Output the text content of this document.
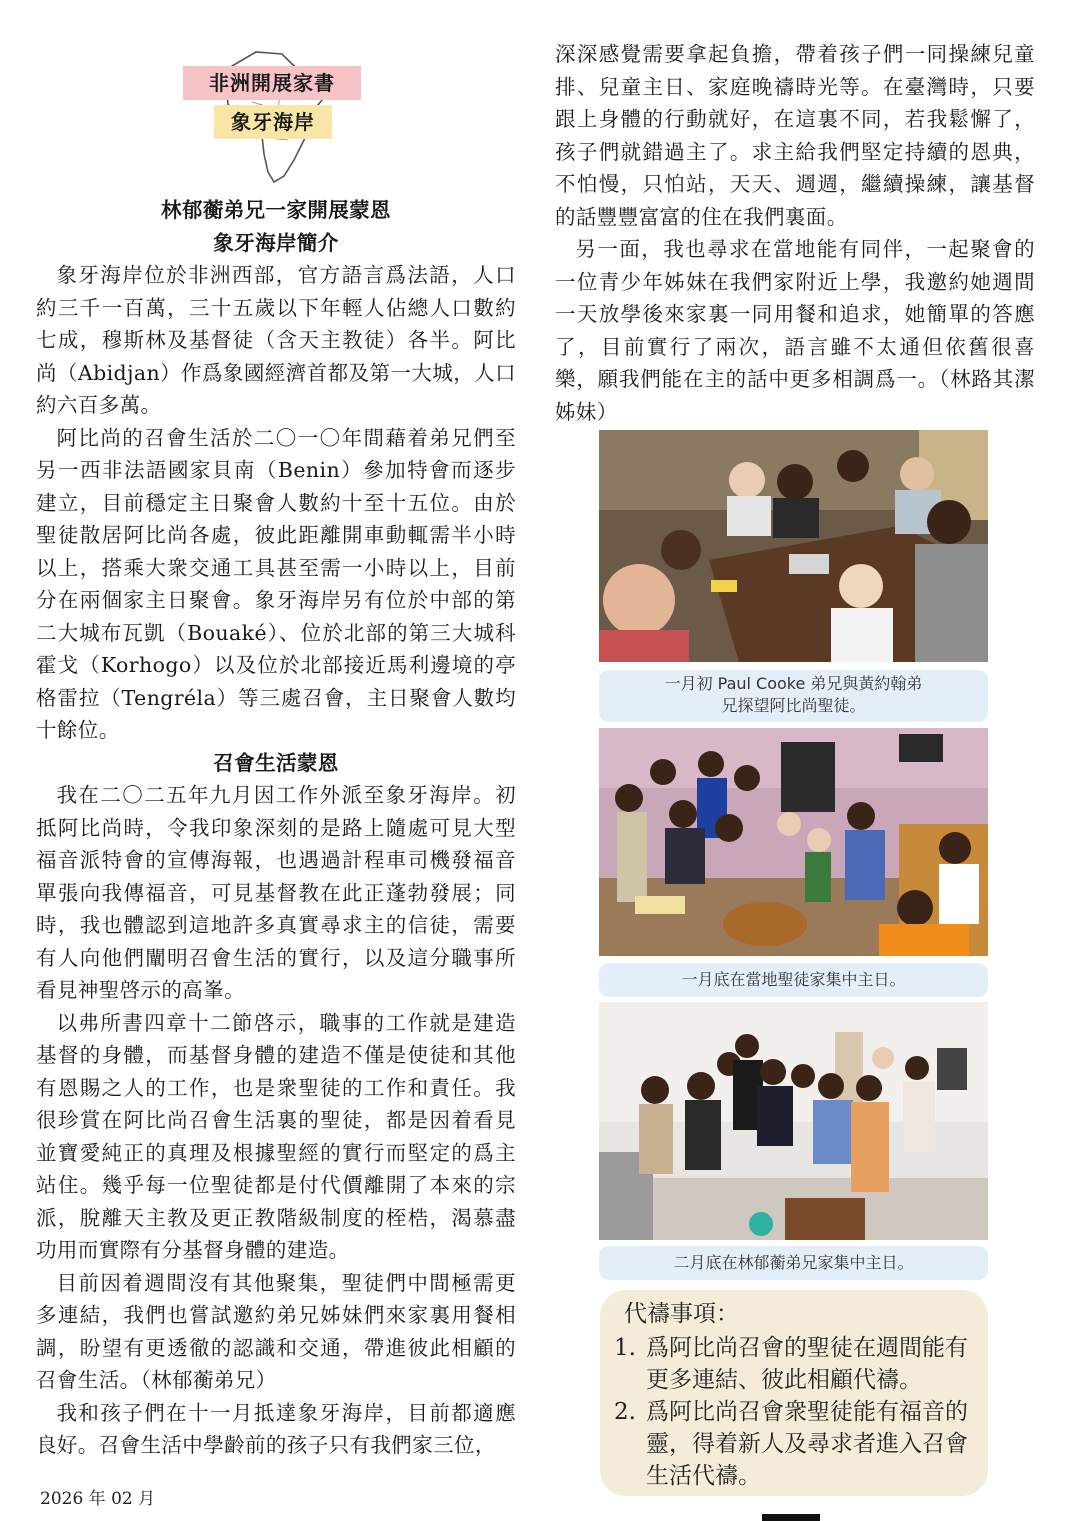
非洲開展家書
象牙海岸
林郁蘅弟兄一家開展蒙恩
象牙海岸簡介

象牙海岸位於非洲西部，官方語言爲法語，人口約三千一百萬，三十五歲以下年輕人佔總人口數約七成，穆斯林及基督徒（含天主教徒）各半。阿比尚（Abidjan）作爲象國經濟首都及第一大城，人口約六百多萬。

阿比尚的召會生活於二〇一〇年間藉着弟兄們至另一西非法語國家貝南（Benin）參加特會而逐步建立，目前穩定主日聚會人數約十至十五位。由於聖徒散居阿比尚各處，彼此距離開車動輒需半小時以上，搭乘大衆交通工具甚至需一小時以上，目前分在兩個家主日聚會。象牙海岸另有位於中部的第二大城布瓦凱（Bouaké）、位於北部的第三大城科霍戈（Korhogo）以及位於北部接近馬利邊境的亭格雷拉（Tengréla）等三處召會，主日聚會人數均十餘位。

召會生活蒙恩

我在二〇二五年九月因工作外派至象牙海岸。初抵阿比尚時，令我印象深刻的是路上隨處可見大型福音派特會的宣傳海報，也遇過計程車司機發福音單張向我傳福音，可見基督教在此正蓬勃發展；同時，我也體認到這地許多真實尋求主的信徒，需要有人向他們闡明召會生活的實行，以及這分職事所看見神聖啓示的高峯。

以弗所書四章十二節啓示，職事的工作就是建造基督的身體，而基督身體的建造不僅是使徒和其他有恩賜之人的工作，也是衆聖徒的工作和責任。我很珍賞在阿比尚召會生活裏的聖徒，都是因着看見並寶愛純正的真理及根據聖經的實行而堅定的爲主站住。幾乎每一位聖徒都是付代價離開了本來的宗派，脫離天主教及更正教階級制度的桎梏，渴慕盡功用而實際有分基督身體的建造。

目前因着週間沒有其他聚集，聖徒們中間極需更多連結，我們也嘗試邀約弟兄姊妹們來家裏用餐相調，盼望有更透徹的認識和交通，帶進彼此相顧的召會生活。（林郁蘅弟兄）

我和孩子們在十一月抵達象牙海岸，目前都適應良好。召會生活中學齡前的孩子只有我們家三位，

深深感覺需要拿起負擔，帶着孩子們一同操練兒童排、兒童主日、家庭晚禱時光等。在臺灣時，只要跟上身體的行動就好，在這裏不同，若我鬆懈了，孩子們就錯過主了。求主給我們堅定持續的恩典，不怕慢，只怕站，天天、週週，繼續操練，讓基督的話豐豐富富的住在我們裏面。

另一面，我也尋求在當地能有同伴，一起聚會的一位青少年姊妹在我們家附近上學，我邀約她週間一天放學後來家裏一同用餐和追求，她簡單的答應了，目前實行了兩次，語言雖不太通但依舊很喜樂，願我們能在主的話中更多相調爲一。（林路其潔姊妹）

一月初 Paul Cooke 弟兄與黃約翰弟兄探望阿比尚聖徒。
一月底在當地聖徒家集中主日。
二月底在林郁蘅弟兄家集中主日。
代禱事項：
1. 爲阿比尚召會的聖徒在週間能有更多連結、彼此相顧代禱。
2. 爲阿比尚召會衆聖徒能有福音的靈，得着新人及尋求者進入召會生活代禱。
2026 年 02 月
